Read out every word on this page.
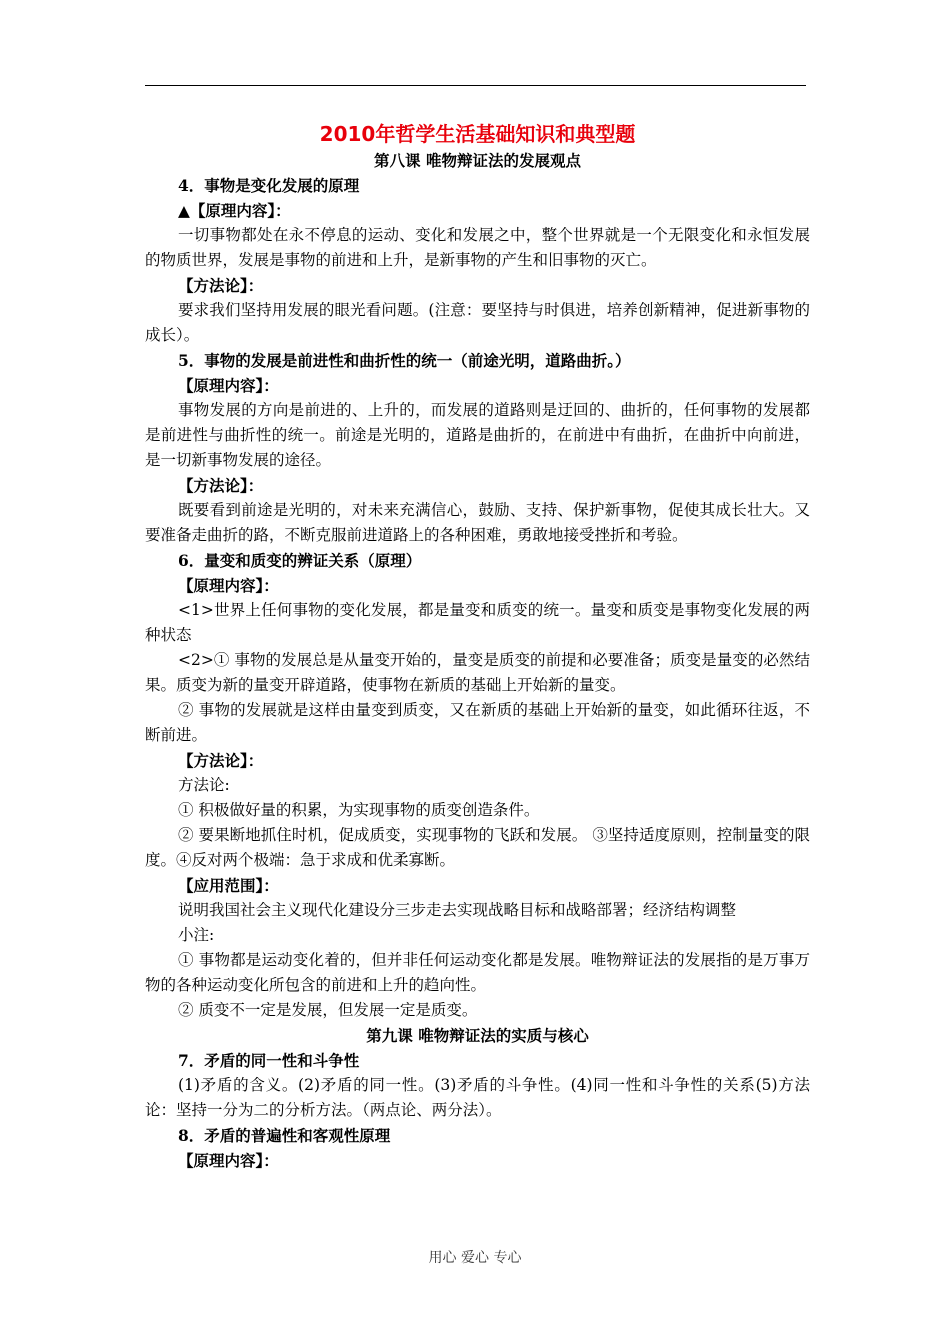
2010年哲学生活基础知识和典型题

第八课 唯物辩证法的发展观点

4．事物是变化发展的原理

▲【原理内容】：

一切事物都处在永不停息的运动、变化和发展之中，整个世界就是一个无限变化和永恒发展的物质世界，发展是事物的前进和上升，是新事物的产生和旧事物的灭亡。

【方法论】：

要求我们坚持用发展的眼光看问题。(注意：要坚持与时俱进，培养创新精神，促进新事物的成长）。

5．事物的发展是前进性和曲折性的统一（前途光明，道路曲折。）

【原理内容】：

事物发展的方向是前进的、上升的，而发展的道路则是迂回的、曲折的，任何事物的发展都是前进性与曲折性的统一。前途是光明的，道路是曲折的，在前进中有曲折，在曲折中向前进，是一切新事物发展的途径。

【方法论】：

既要看到前途是光明的，对未来充满信心，鼓励、支持、保护新事物，促使其成长壮大。又要准备走曲折的路，不断克服前进道路上的各种困难，勇敢地接受挫折和考验。

6．量变和质变的辨证关系（原理）

【原理内容】：

<1>世界上任何事物的变化发展，都是量变和质变的统一。量变和质变是事物变化发展的两种状态

<2>① 事物的发展总是从量变开始的，量变是质变的前提和必要准备；质变是量变的必然结果。质变为新的量变开辟道路，使事物在新质的基础上开始新的量变。

② 事物的发展就是这样由量变到质变，又在新质的基础上开始新的量变，如此循环往返，不断前进。

【方法论】：

方法论:

① 积极做好量的积累，为实现事物的质变创造条件。

② 要果断地抓住时机，促成质变，实现事物的飞跃和发展。 ③坚持适度原则，控制量变的限度。④反对两个极端：急于求成和优柔寡断。

【应用范围】：

说明我国社会主义现代化建设分三步走去实现战略目标和战略部署；经济结构调整

小注:

① 事物都是运动变化着的，但并非任何运动变化都是发展。唯物辩证法的发展指的是万事万物的各种运动变化所包含的前进和上升的趋向性。

② 质变不一定是发展，但发展一定是质变。

第九课 唯物辩证法的实质与核心

7．矛盾的同一性和斗争性

(1)矛盾的含义。(2)矛盾的同一性。(3)矛盾的斗争性。(4)同一性和斗争性的关系(5)方法论：坚持一分为二的分析方法。（两点论、两分法）。

8．矛盾的普遍性和客观性原理

【原理内容】：

用心 爱心 专心
